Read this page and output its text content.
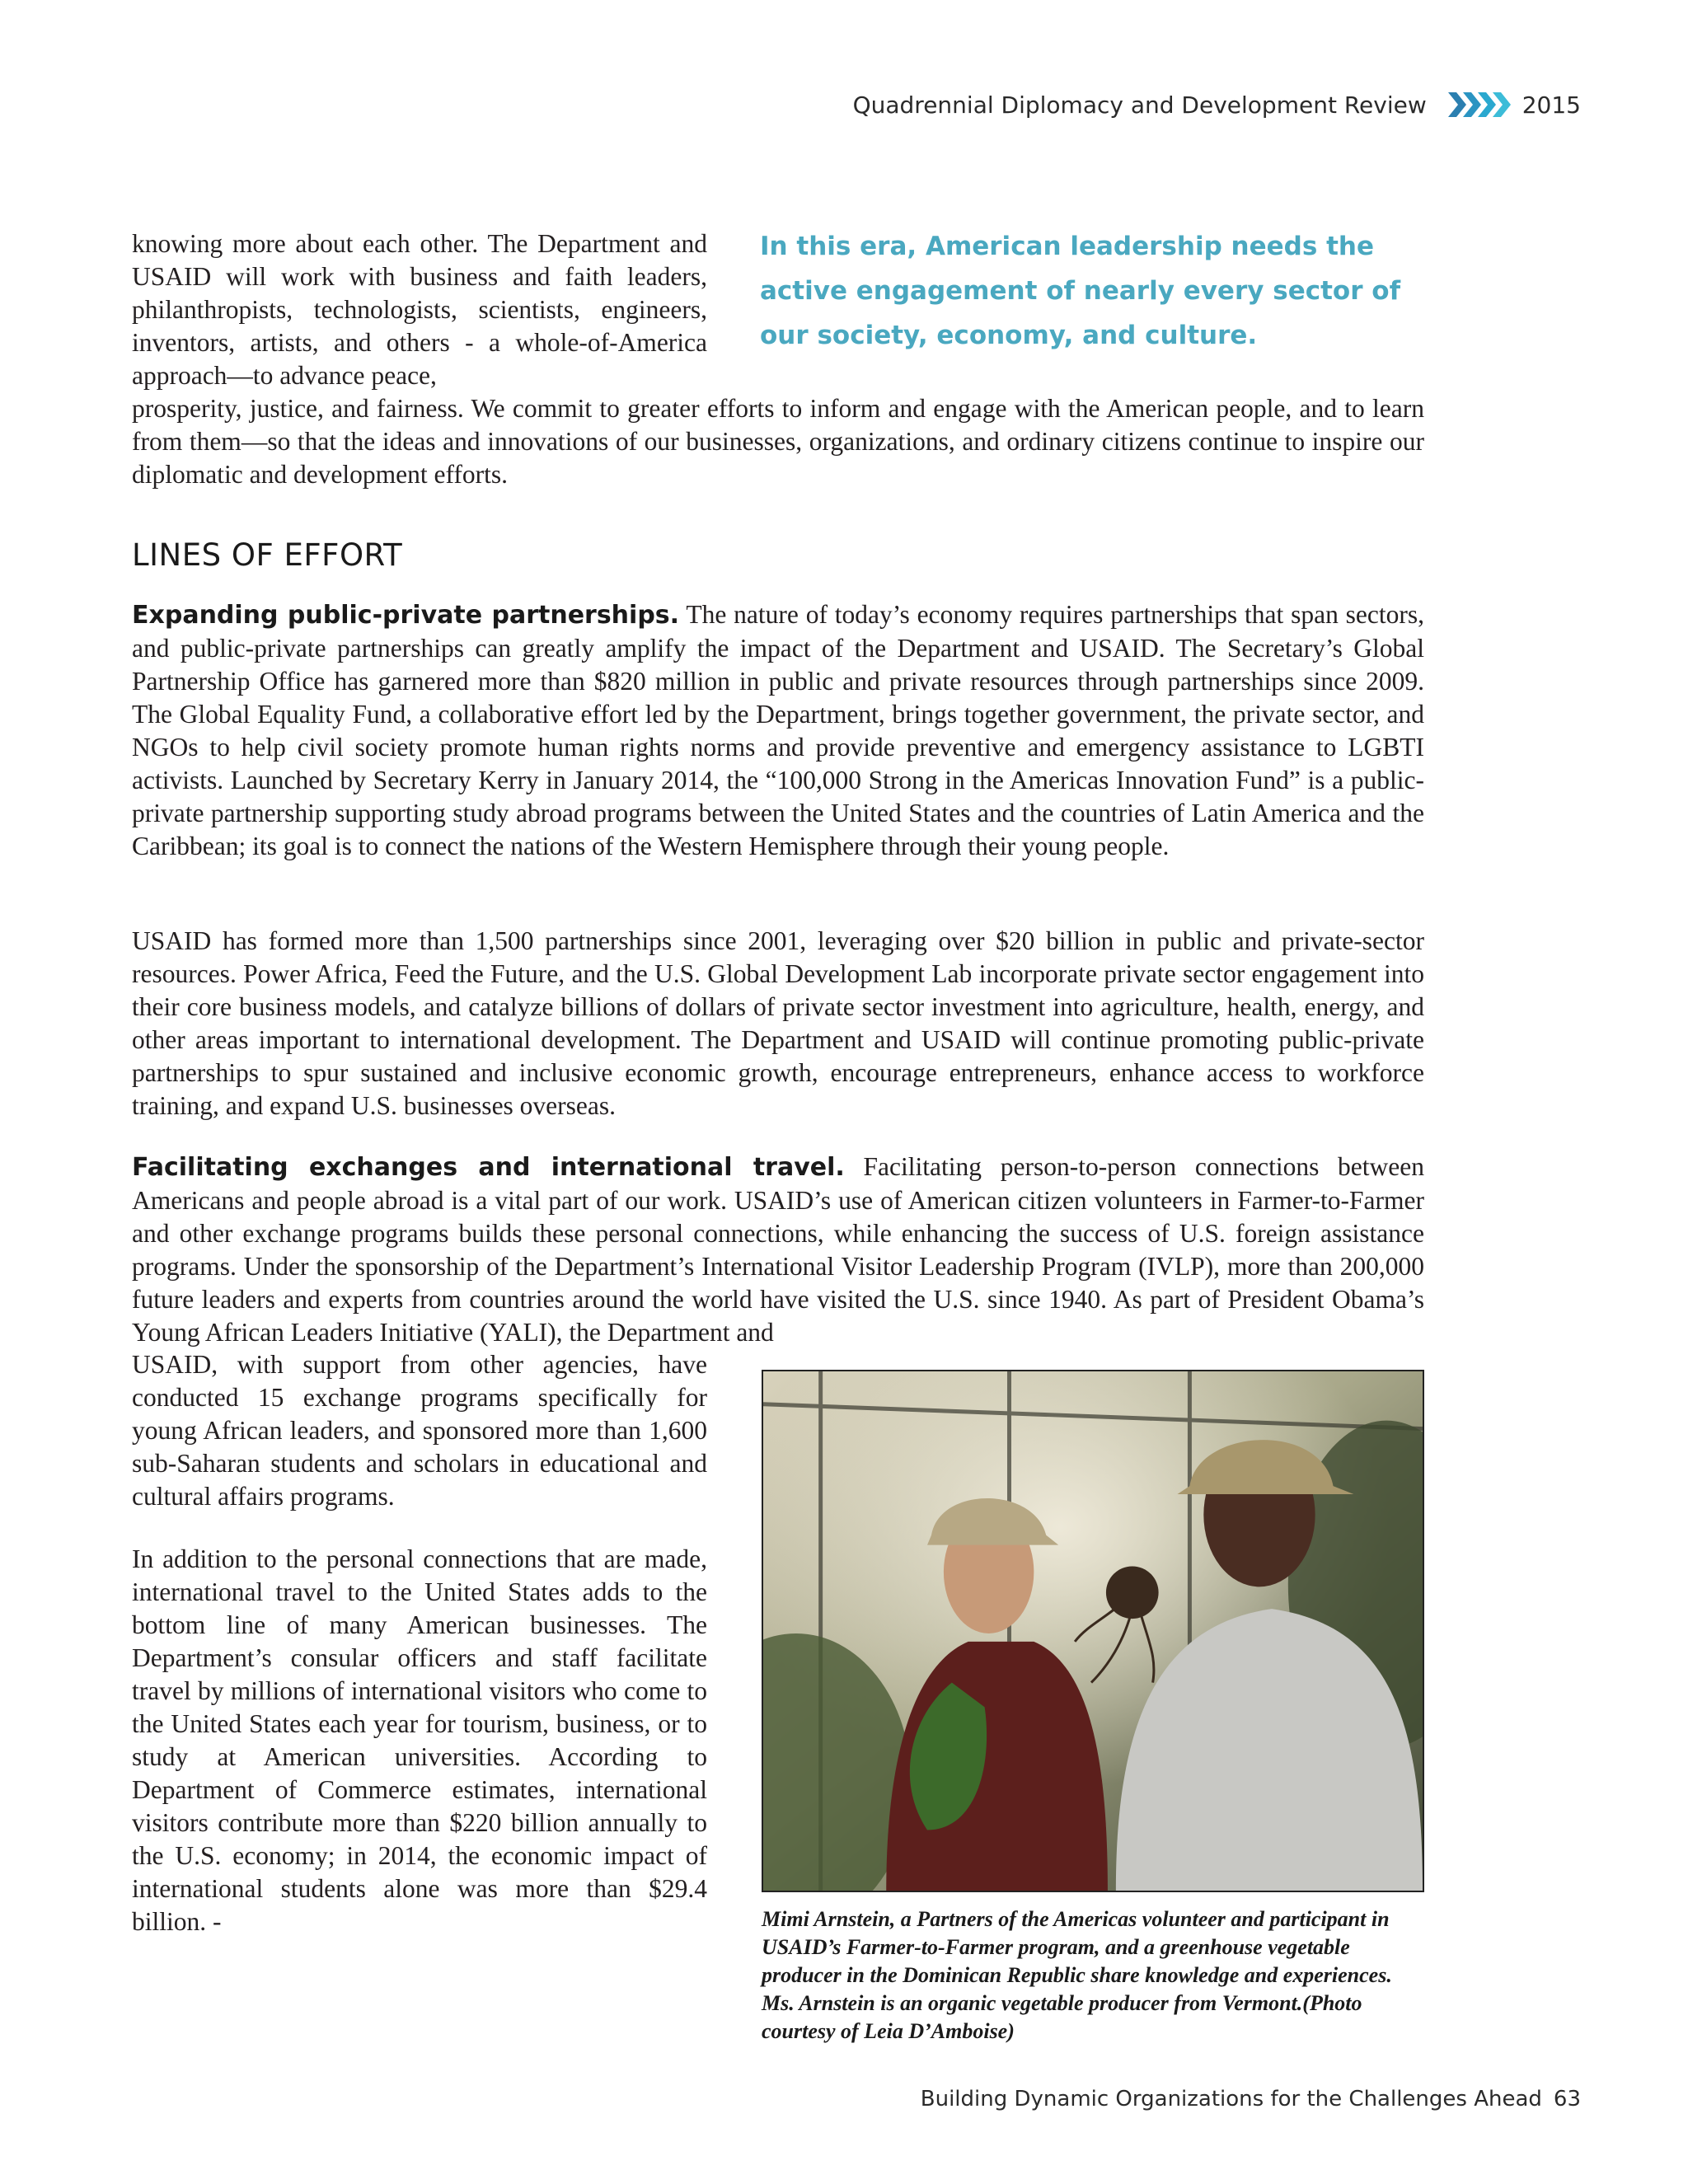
Quadrennial Diplomacy and Development Review	2015
In this era, American leadership needs the active engagement of nearly every sector of our society, economy, and culture.

knowing more about each other. The Department and USAID will work with business and faith leaders, philanthropists, technologists, scientists, engineers, inventors, artists, and others - a whole-of-America approach—to advance peace,

prosperity, justice, and fairness. We commit to greater efforts to inform and engage with the American people, and to learn from them—so that the ideas and innovations of our businesses, organizations, and ordinary citizens continue to inspire our diplomatic and development efforts.

LINES OF EFFORT

Expanding public-private partnerships. The nature of today’s economy requires partnerships that span sectors, and public-private partnerships can greatly amplify the impact of the Department and USAID. The Secretary’s Global Partnership Office has garnered more than $820 million in public and private resources through partnerships since 2009. The Global Equality Fund, a collaborative effort led by the Department, brings together government, the private sector, and NGOs to help civil society promote human rights norms and provide preventive and emergency assistance to LGBTI activists. Launched by Secretary Kerry in January 2014, the “100,000 Strong in the Americas Innovation Fund” is a public-private partnership supporting study abroad programs between the United States and the countries of Latin America and the Caribbean; its goal is to connect the nations of the Western Hemisphere through their young people.

USAID has formed more than 1,500 partnerships since 2001, leveraging over $20 billion in public and private-sector resources. Power Africa, Feed the Future, and the U.S. Global Development Lab incorporate private sector engagement into their core business models, and catalyze billions of dollars of private sector investment into agriculture, health, energy, and other areas important to international development. The Department and USAID will continue promoting public-private partnerships to spur sustained and inclusive economic growth, encourage entrepreneurs, enhance access to workforce training, and expand U.S. businesses overseas.

Facilitating exchanges and international travel. Facilitating person-to-person connections between Americans and people abroad is a vital part of our work. USAID’s use of American citizen volunteers in Farmer-to-Farmer and other exchange programs builds these personal connections, while enhancing the success of U.S. foreign assistance programs. Under the sponsorship of the Department’s International Visitor Leadership Program (IVLP), more than 200,000 future leaders and experts from countries around the world have visited the U.S. since 1940. As part of President Obama’s Young African Leaders Initiative (YALI), the Department and

USAID, with support from other agencies, have conducted 15 exchange programs specifically for young African leaders, and sponsored more than 1,600 sub-Saharan students and scholars in educational and cultural affairs programs.

In addition to the personal connections that are made, international travel to the United States adds to the bottom line of many American businesses. The Department’s consular officers and staff facilitate travel by millions of international visitors who come to the United States each year for tourism, business, or to study at American universities. According to Department of Commerce estimates, international visitors contribute more than $220 billion annually to the U.S. economy; in 2014, the economic impact of international students alone was more than $29.4 billion. -	Mimi Arnstein, a Partners of the Americas volunteer and participant in USAID’s Farmer-to-Farmer program, and a greenhouse vegetable producer in the Dominican Republic share knowledge and experiences. Ms. Arnstein is an organic vegetable producer from Vermont.(Photo courtesy of Leia D’Amboise)
Building Dynamic Organizations for the Challenges Ahead 63
